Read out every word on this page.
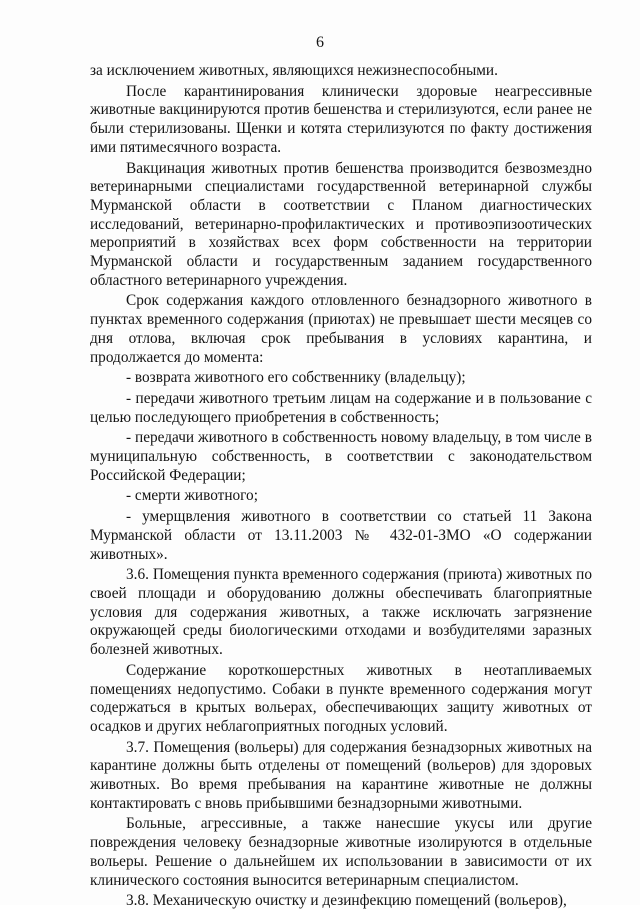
6

за исключением животных, являющихся нежизнеспособными.

После карантинирования клинически здоровые неагрессивные животные вакцинируются против бешенства и стерилизуются, если ранее не были стерилизованы. Щенки и котята стерилизуются по факту достижения ими пятимесячного возраста.

Вакцинация животных против бешенства производится безвозмездно ветеринарными специалистами государственной ветеринарной службы Мурманской области в соответствии с Планом диагностических исследований, ветеринарно-профилактических и противоэпизоотических мероприятий в хозяйствах всех форм собственности на территории Мурманской области и государственным заданием государственного областного ветеринарного учреждения.

Срок содержания каждого отловленного безнадзорного животного в пунктах временного содержания (приютах) не превышает шести месяцев со дня отлова, включая срок пребывания в условиях карантина, и продолжается до момента:

- возврата животного его собственнику (владельцу);

- передачи животного третьим лицам на содержание и в пользование с целью последующего приобретения в собственность;

- передачи животного в собственность новому владельцу, в том числе в муниципальную собственность, в соответствии с законодательством Российской Федерации;

- смерти животного;

- умерщвления животного в соответствии со статьей 11 Закона Мурманской области от 13.11.2003 № 432-01-ЗМО «О содержании животных».

3.6. Помещения пункта временного содержания (приюта) животных по своей площади и оборудованию должны обеспечивать благоприятные условия для содержания животных, а также исключать загрязнение окружающей среды биологическими отходами и возбудителями заразных болезней животных.

Содержание короткошерстных животных в неотапливаемых помещениях недопустимо. Собаки в пункте временного содержания могут содержаться в крытых вольерах, обеспечивающих защиту животных от осадков и других неблагоприятных погодных условий.

3.7. Помещения (вольеры) для содержания безнадзорных животных на карантине должны быть отделены от помещений (вольеров) для здоровых животных. Во время пребывания на карантине животные не должны контактировать с вновь прибывшими безнадзорными животными.

Больные, агрессивные, а также нанесшие укусы или другие повреждения человеку безнадзорные животные изолируются в отдельные вольеры. Решение о дальнейшем их использовании в зависимости от их клинического состояния выносится ветеринарным специалистом.

3.8. Механическую очистку и дезинфекцию помещений (вольеров),
